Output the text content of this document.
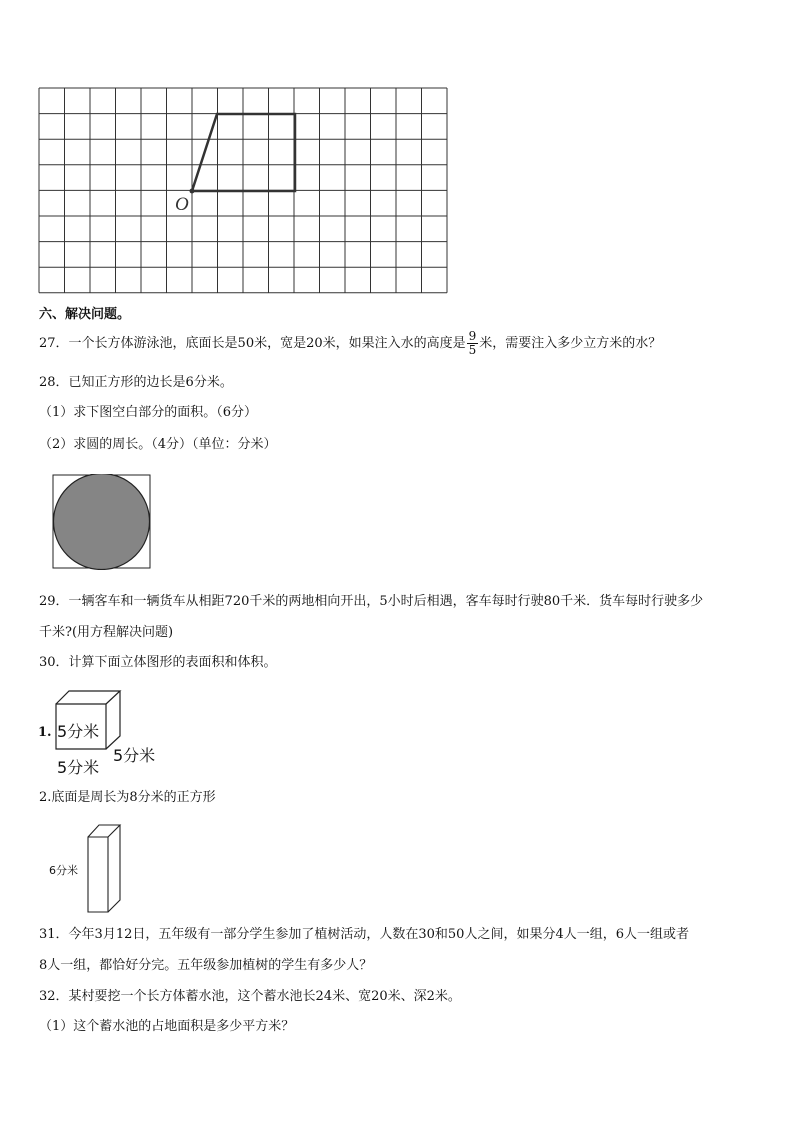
O
六、解决问题。
27．一个长方体游泳池，底面长是50米，宽是20米，如果注入水的高度是 $\frac{9}{5}$ 米，需要注入多少立方米的水？
28．已知正方形的边长是6分米。
（1）求下图空白部分的面积。（6分）
（2）求圆的周长。（4分）（单位：分米）
29．一辆客车和一辆货车从相距720千米的两地相向开出，5小时后相遇，客车每时行驶80千米．货车每时行驶多少
千米?(用方程解决问题)
30．计算下面立体图形的表面积和体积。
1. 5分米
5分米
5分米
2.底面是周长为8分米的正方形
6分米
31．今年3月12日，五年级有一部分学生参加了植树活动，人数在30和50人之间，如果分4人一组，6人一组或者
8人一组，都恰好分完。五年级参加植树的学生有多少人？
32．某村要挖一个长方体蓄水池，这个蓄水池长24米、宽20米、深2米。
（1）这个蓄水池的占地面积是多少平方米？
